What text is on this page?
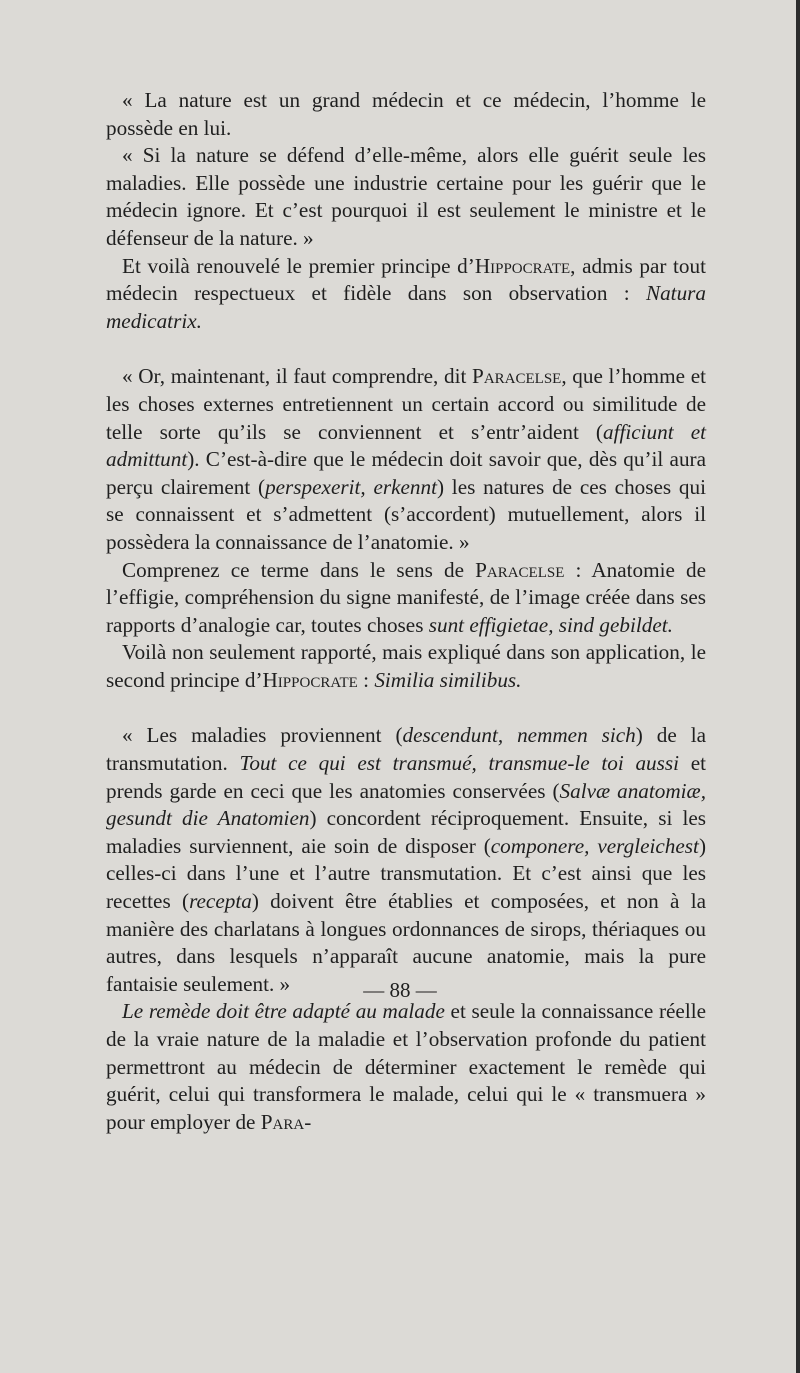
« La nature est un grand médecin et ce médecin, l’homme le possède en lui.

« Si la nature se défend d’elle-même, alors elle guérit seule les maladies. Elle possède une industrie certaine pour les guérir que le médecin ignore. Et c’est pourquoi il est seulement le ministre et le défenseur de la nature. »

Et voilà renouvelé le premier principe d’Hippocrate, admis par tout médecin respectueux et fidèle dans son observation : Natura medicatrix.

« Or, maintenant, il faut comprendre, dit Paracelse, que l’homme et les choses externes entretiennent un certain accord ou similitude de telle sorte qu’ils se conviennent et s’entr’aident (afficiunt et admittunt). C’est-à-dire que le médecin doit savoir que, dès qu’il aura perçu clairement (perspexerit, erkennt) les natures de ces choses qui se connaissent et s’admettent (s’accordent) mutuellement, alors il possèdera la connaissance de l’anatomie. »

Comprenez ce terme dans le sens de Paracelse : Anatomie de l’effigie, compréhension du signe manifesté, de l’image créée dans ses rapports d’analogie car, toutes choses sunt effigietae, sind gebildet.

Voilà non seulement rapporté, mais expliqué dans son application, le second principe d’Hippocrate : Similia similibus.

« Les maladies proviennent (descendunt, nemmen sich) de la transmutation. Tout ce qui est transmué, transmue-le toi aussi et prends garde en ceci que les anatomies conservées (Salvæ anatomiæ, gesundt die Anatomien) concordent réciproquement. Ensuite, si les maladies surviennent, aie soin de disposer (componere, vergleichest) celles-ci dans l’une et l’autre transmutation. Et c’est ainsi que les recettes (recepta) doivent être établies et composées, et non à la manière des charlatans à longues ordonnances de sirops, thériaques ou autres, dans lesquels n’apparaît aucune anatomie, mais la pure fantaisie seulement. »

Le remède doit être adapté au malade et seule la connaissance réelle de la vraie nature de la maladie et l’observation profonde du patient permettront au médecin de déterminer exactement le remède qui guérit, celui qui transformera le malade, celui qui le « transmuera » pour employer de Para-

— 88 —
